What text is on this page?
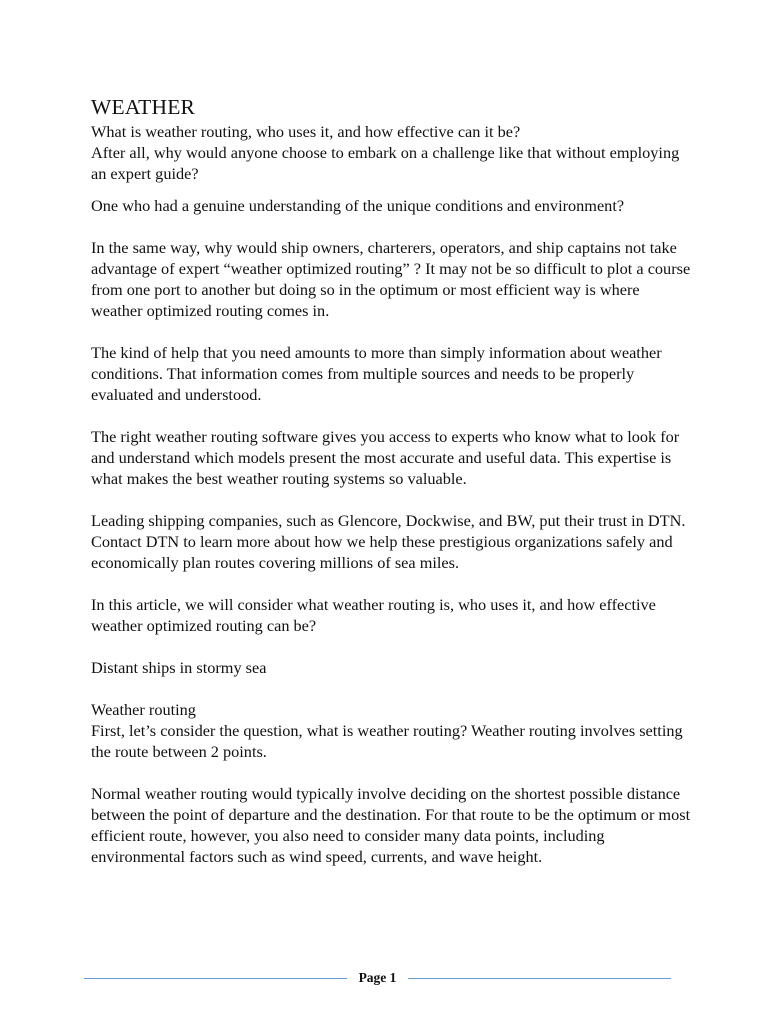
WEATHER

What is weather routing, who uses it, and how effective can it be?

After all, why would anyone choose to embark on a challenge like that without employing an expert guide?

One who had a genuine understanding of the unique conditions and environment?

In the same way, why would ship owners, charterers, operators, and ship captains not take advantage of expert “weather optimized routing” ? It may not be so difficult to plot a course from one port to another but doing so in the optimum or most efficient way is where weather optimized routing comes in.

The kind of help that you need amounts to more than simply information about weather conditions. That information comes from multiple sources and needs to be properly evaluated and understood.

The right weather routing software gives you access to experts who know what to look for and understand which models present the most accurate and useful data. This expertise is what makes the best weather routing systems so valuable.

Leading shipping companies, such as Glencore, Dockwise, and BW, put their trust in DTN. Contact DTN to learn more about how we help these prestigious organizations safely and economically plan routes covering millions of sea miles.

In this article, we will consider what weather routing is, who uses it, and how effective weather optimized routing can be?

Distant ships in stormy sea

Weather routing

First, let’s consider the question, what is weather routing? Weather routing involves setting the route between 2 points.

Normal weather routing would typically involve deciding on the shortest possible distance between the point of departure and the destination. For that route to be the optimum or most efficient route, however, you also need to consider many data points, including environmental factors such as wind speed, currents, and wave height.

Page 1
